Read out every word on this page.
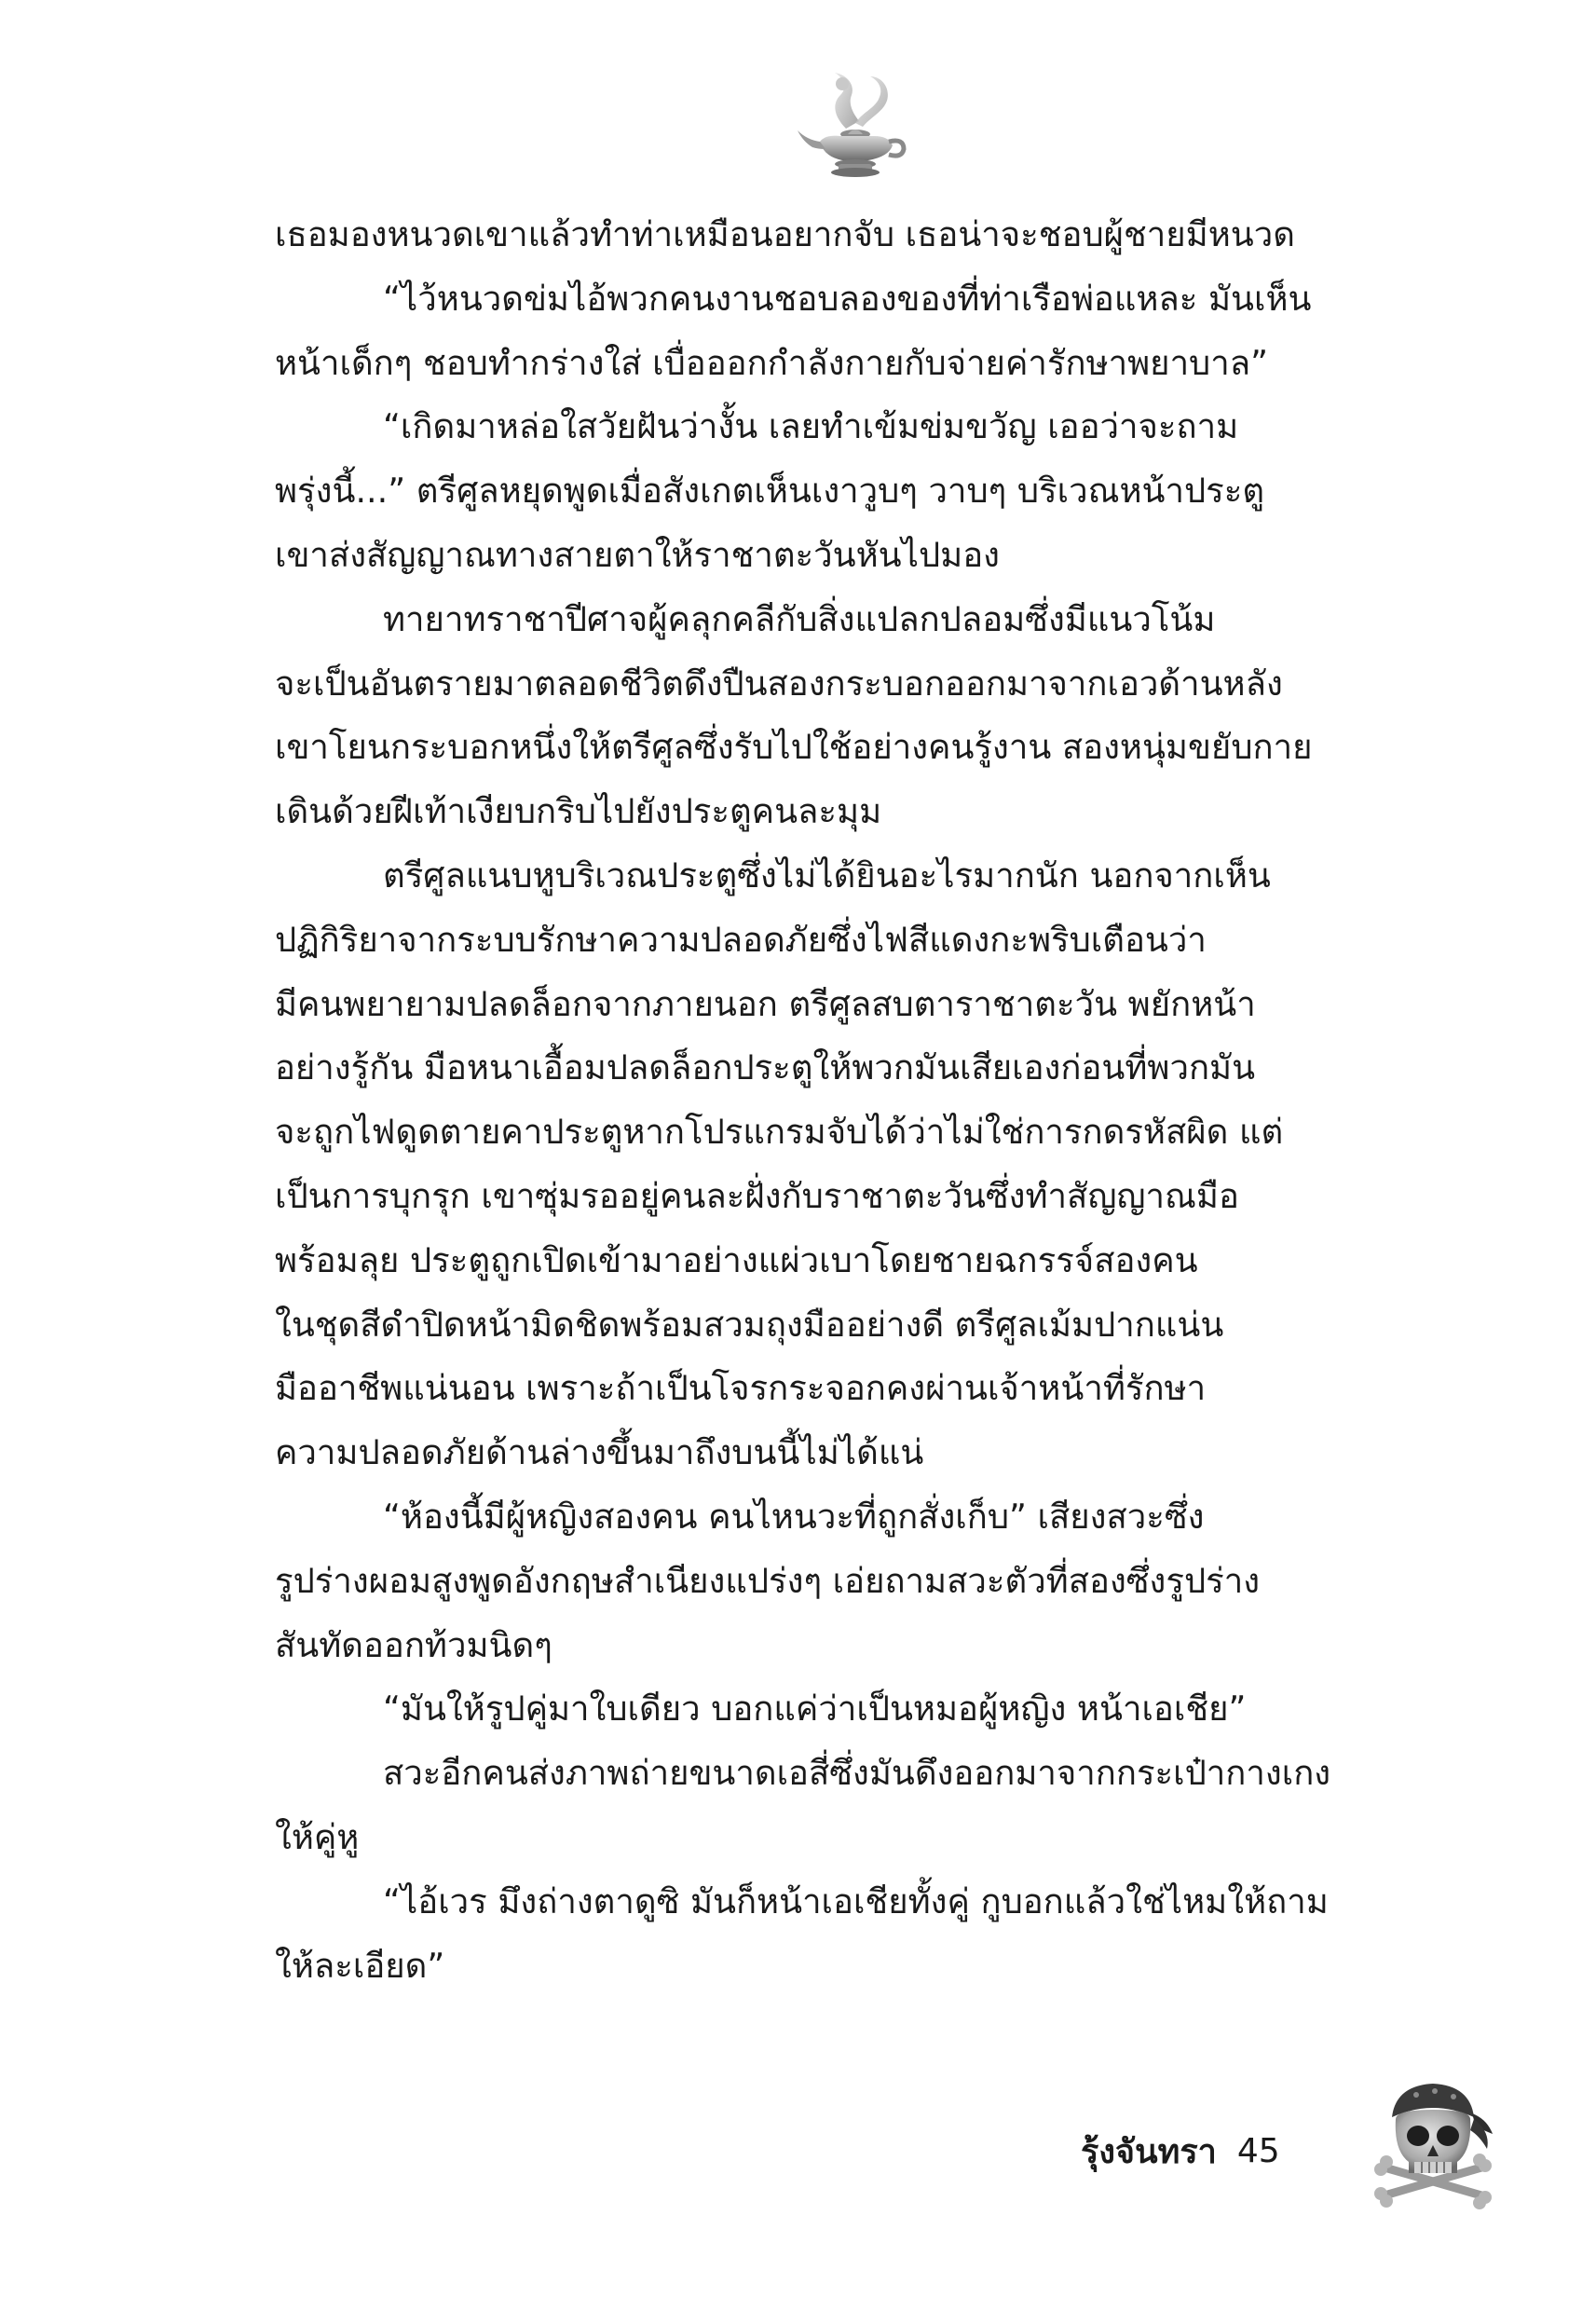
เธอมองหนวดเขาแล้วทำท่าเหมือนอยากจับ เธอน่าจะชอบผู้ชายมีหนวด
“ไว้หนวดข่มไอ้พวกคนงานชอบลองของที่ท่าเรือพ่อแหละ มันเห็น
หน้าเด็กๆ ชอบทำกร่างใส่ เบื่อออกกำลังกายกับจ่ายค่ารักษาพยาบาล”
“เกิดมาหล่อใสวัยฝันว่างั้น เลยทำเข้มข่มขวัญ เออว่าจะถาม
พรุ่งนี้...” ตรีศูลหยุดพูดเมื่อสังเกตเห็นเงาวูบๆ วาบๆ บริเวณหน้าประตู
เขาส่งสัญญาณทางสายตาให้ราชาตะวันหันไปมอง
ทายาทราชาปีศาจผู้คลุกคลีกับสิ่งแปลกปลอมซึ่งมีแนวโน้ม
จะเป็นอันตรายมาตลอดชีวิตดึงปืนสองกระบอกออกมาจากเอวด้านหลัง
เขาโยนกระบอกหนึ่งให้ตรีศูลซึ่งรับไปใช้อย่างคนรู้งาน สองหนุ่มขยับกาย
เดินด้วยฝีเท้าเงียบกริบไปยังประตูคนละมุม
ตรีศูลแนบหูบริเวณประตูซึ่งไม่ได้ยินอะไรมากนัก นอกจากเห็น
ปฏิกิริยาจากระบบรักษาความปลอดภัยซึ่งไฟสีแดงกะพริบเตือนว่า
มีคนพยายามปลดล็อกจากภายนอก ตรีศูลสบตาราชาตะวัน พยักหน้า
อย่างรู้กัน มือหนาเอื้อมปลดล็อกประตูให้พวกมันเสียเองก่อนที่พวกมัน
จะถูกไฟดูดตายคาประตูหากโปรแกรมจับได้ว่าไม่ใช่การกดรหัสผิด แต่
เป็นการบุกรุก เขาซุ่มรออยู่คนละฝั่งกับราชาตะวันซึ่งทำสัญญาณมือ
พร้อมลุย ประตูถูกเปิดเข้ามาอย่างแผ่วเบาโดยชายฉกรรจ์สองคน
ในชุดสีดำปิดหน้ามิดชิดพร้อมสวมถุงมืออย่างดี ตรีศูลเม้มปากแน่น
มืออาชีพแน่นอน เพราะถ้าเป็นโจรกระจอกคงผ่านเจ้าหน้าที่รักษา
ความปลอดภัยด้านล่างขึ้นมาถึงบนนี้ไม่ได้แน่
“ห้องนี้มีผู้หญิงสองคน คนไหนวะที่ถูกสั่งเก็บ” เสียงสวะซึ่ง
รูปร่างผอมสูงพูดอังกฤษสำเนียงแปร่งๆ เอ่ยถามสวะตัวที่สองซึ่งรูปร่าง
สันทัดออกท้วมนิดๆ
“มันให้รูปคู่มาใบเดียว บอกแค่ว่าเป็นหมอผู้หญิง หน้าเอเชีย”
สวะอีกคนส่งภาพถ่ายขนาดเอสี่ซึ่งมันดึงออกมาจากกระเป๋ากางเกง
ให้คู่หู
“ไอ้เวร มึงถ่างตาดูซิ มันก็หน้าเอเชียทั้งคู่ กูบอกแล้วใช่ไหมให้ถาม
ให้ละเอียด”
รุ้งจันทรา 45
